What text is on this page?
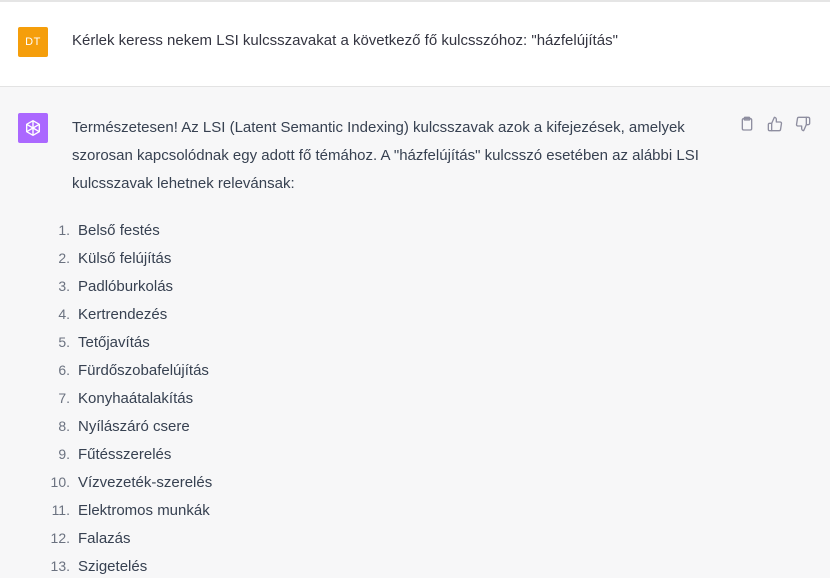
DT	Kérlek keress nekem LSI kulcsszavakat a következő fő kulcsszóhoz: "házfelújítás"
Természetesen! Az LSI (Latent Semantic Indexing) kulcsszavak azok a kifejezések, amelyek szorosan kapcsolódnak egy adott fő témához. A "házfelújítás" kulcsszó esetében az alábbi LSI kulcsszavak lehetnek relevánsak:
1. Belső festés
2. Külső felújítás
3. Padlóburkolás
4. Kertrendezés
5. Tetőjavítás
6. Fürdőszobafelújítás
7. Konyhaátalakítás
8. Nyílászáró csere
9. Fűtésszerelés
10. Vízvezeték-szerelés
11. Elektromos munkák
12. Falazás
13. Szigetelés
